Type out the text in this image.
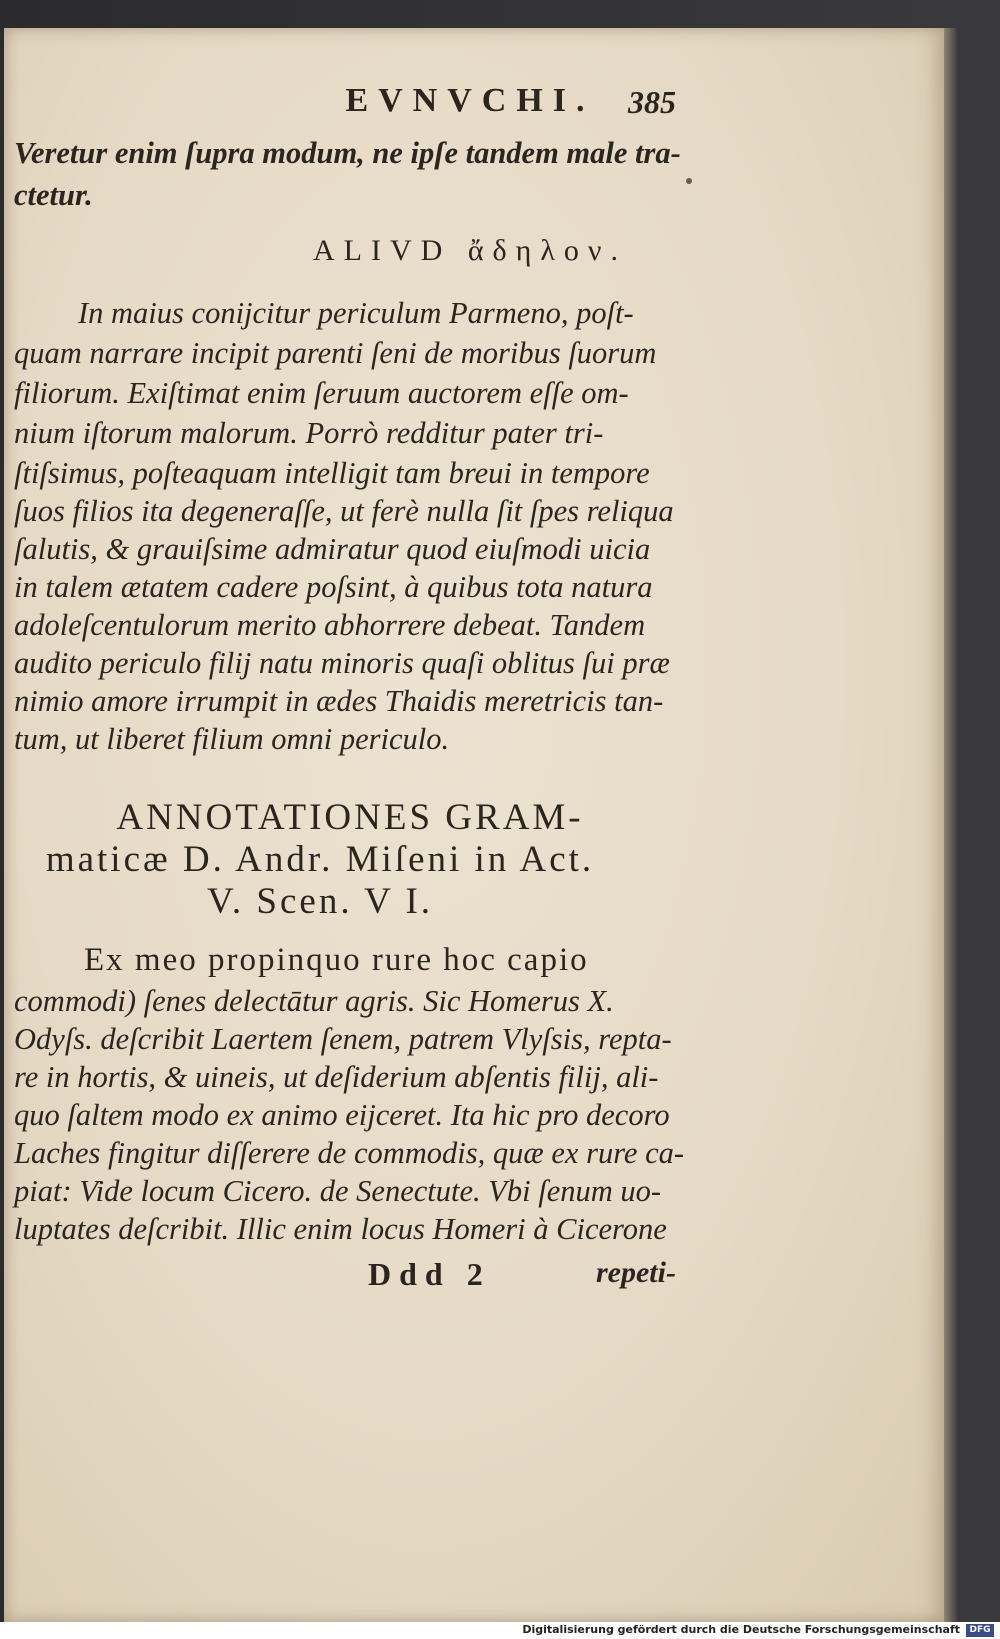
EVNVCHI.	385
Veretur enim ſupra modum, ne ipſe tandem male tra-
ctetur.
ALIVD ἄδηλον.
In maius conijcitur periculum Parmeno, poſt-
quam narrare incipit parenti ſeni de moribus ſuorum
filiorum. Exiſtimat enim ſeruum auctorem eſſe om-
nium iſtorum malorum. Porrò redditur pater tri-
ſtiſsimus, poſteaquam intelligit tam breui in tempore
ſuos filios ita degeneraſſe, ut ferè nulla ſit ſpes reliqua
ſalutis, & grauiſsime admiratur quod eiuſmodi uicia
in talem ætatem cadere poſsint, à quibus tota natura
adoleſcentulorum merito abhorrere debeat. Tandem
audito periculo filij natu minoris quaſi oblitus ſui præ
nimio amore irrumpit in ædes Thaidis meretricis tan-
tum, ut liberet filium omni periculo.
ANNOTATIONES GRAM-
maticæ D. Andr. Miſeni in Act.
V. Scen. V I.
Ex meo propinquo rure hoc capio
commodi) ſenes delectātur agris. Sic Homerus X.
Odyſs. deſcribit Laertem ſenem, patrem Vlyſsis, repta-
re in hortis, & uineis, ut deſiderium abſentis filij, ali-
quo ſaltem modo ex animo eijceret. Ita hic pro decoro
Laches fingitur diſſerere de commodis, quæ ex rure ca-
piat: Vide locum Cicero. de Senectute. Vbi ſenum uo-
luptates deſcribit. Illic enim locus Homeri à Cicerone
Ddd 2	repeti-
Digitalisierung gefördert durch die Deutsche Forschungsgemeinschaft	DFG
